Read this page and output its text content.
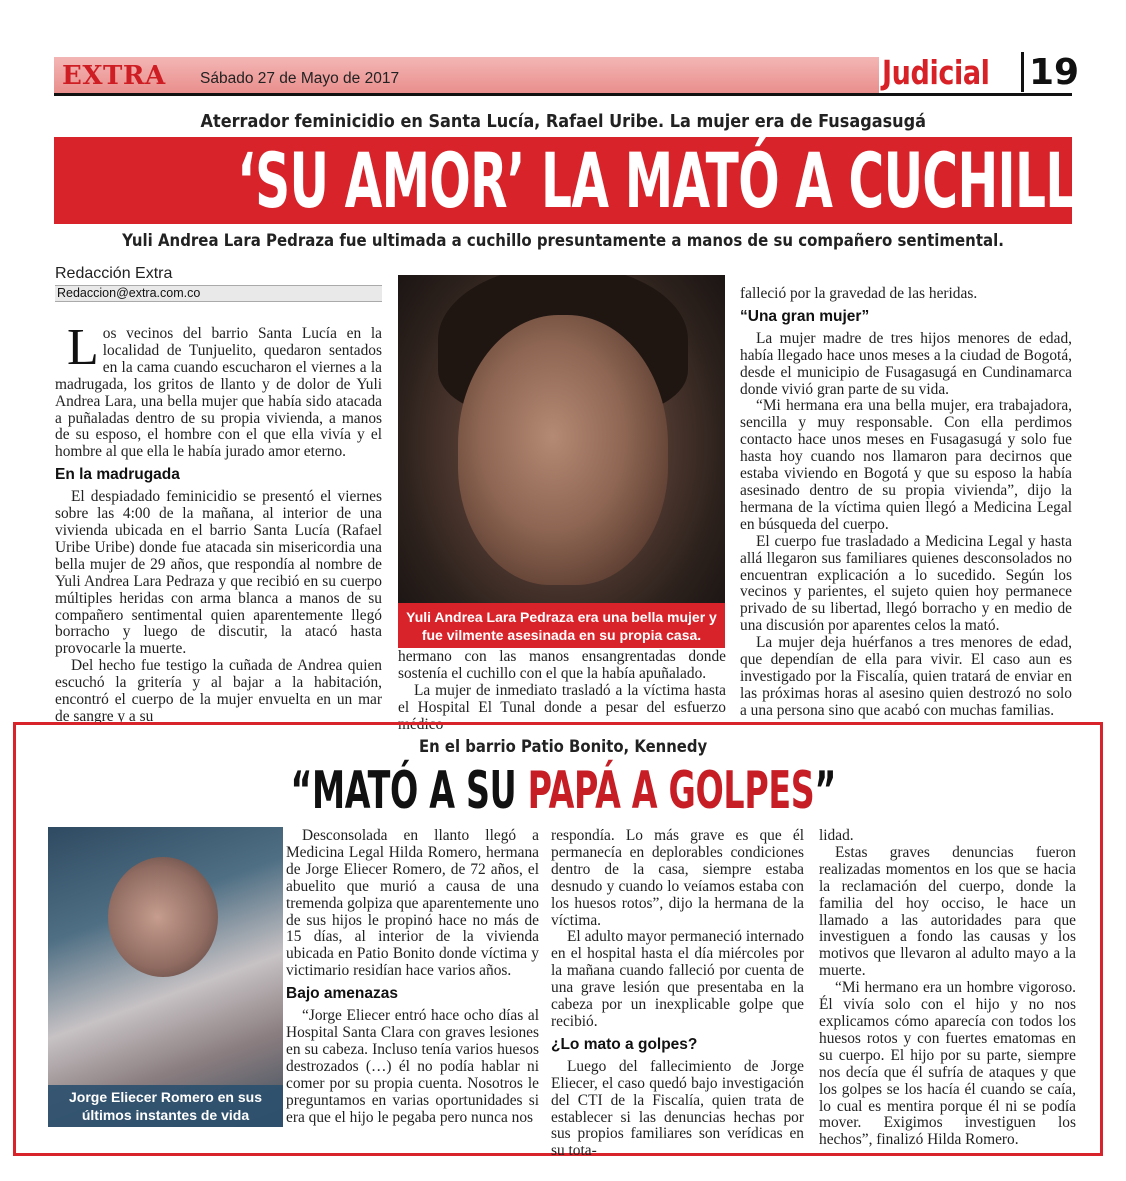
EXTRA Sábado 27 de Mayo de 2017	Judicial 19
Aterrador feminicidio en Santa Lucía, Rafael Uribe. La mujer era de Fusagasugá
‘SU AMOR’ LA MATÓ A CUCHILLO
Yuli Andrea Lara Pedraza fue ultimada a cuchillo presuntamente a manos de su compañero sentimental.
Redacción Extra
Redaccion@extra.com.co

Los vecinos del barrio Santa Lucía en la localidad de Tunjuelito, quedaron sentados en la cama cuando escucharon el viernes a la madrugada, los gritos de llanto y de dolor de Yuli Andrea Lara, una bella mujer que había sido atacada a puñaladas dentro de su propia vivienda, a manos de su esposo, el hombre con el que ella vivía y el hombre al que ella le había jurado amor eterno.

En la madrugada

El despiadado feminicidio se presentó el viernes sobre las 4:00 de la mañana, al interior de una vivienda ubicada en el barrio Santa Lucía (Rafael Uribe Uribe) donde fue atacada sin misericordia una bella mujer de 29 años, que respondía al nombre de Yuli Andrea Lara Pedraza y que recibió en su cuerpo múltiples heridas con arma blanca a manos de su compañero sentimental quien aparentemente llegó borracho y luego de discutir, la atacó hasta provocarle la muerte.

Del hecho fue testigo la cuñada de Andrea quien escuchó la gritería y al bajar a la habitación, encontró el cuerpo de la mujer envuelta en un mar de sangre y a su

Yuli Andrea Lara Pedraza era una bella mujer y fue vilmente asesinada en su propia casa.

hermano con las manos ensangrentadas donde sostenía el cuchillo con el que la había apuñalado.

La mujer de inmediato trasladó a la víctima hasta el Hospital El Tunal donde a pesar del esfuerzo médico

falleció por la gravedad de las heridas.

“Una gran mujer”

La mujer madre de tres hijos menores de edad, había llegado hace unos meses a la ciudad de Bogotá, desde el municipio de Fusagasugá en Cundinamarca donde vivió gran parte de su vida.

“Mi hermana era una bella mujer, era trabajadora, sencilla y muy responsable. Con ella perdimos contacto hace unos meses en Fusagasugá y solo fue hasta hoy cuando nos llamaron para decirnos que estaba viviendo en Bogotá y que su esposo la había asesinado dentro de su propia vivienda”, dijo la hermana de la víctima quien llegó a Medicina Legal en búsqueda del cuerpo.

El cuerpo fue trasladado a Medicina Legal y hasta allá llegaron sus familiares quienes desconsolados no encuentran explicación a lo sucedido. Según los vecinos y parientes, el sujeto quien hoy permanece privado de su libertad, llegó borracho y en medio de una discusión por aparentes celos la mató.

La mujer deja huérfanos a tres menores de edad, que dependían de ella para vivir. El caso aun es investigado por la Fiscalía, quien tratará de enviar en las próximas horas al asesino quien destrozó no solo a una persona sino que acabó con muchas familias.

En el barrio Patio Bonito, Kennedy
“MATÓ A SU PAPÁ A GOLPES”
Jorge Eliecer Romero en sus últimos instantes de vida

Desconsolada en llanto llegó a Medicina Legal Hilda Romero, hermana de Jorge Eliecer Romero, de 72 años, el abuelito que murió a causa de una tremenda golpiza que aparentemente uno de sus hijos le propinó hace no más de 15 días, al interior de la vivienda ubicada en Patio Bonito donde víctima y victimario residían hace varios años.

Bajo amenazas

“Jorge Eliecer entró hace ocho días al Hospital Santa Clara con graves lesiones en su cabeza. Incluso tenía varios huesos destrozados (…) él no podía hablar ni comer por su propia cuenta. Nosotros le preguntamos en varias oportunidades si era que el hijo le pegaba pero nunca nos

respondía. Lo más grave es que él permanecía en deplorables condiciones dentro de la casa, siempre estaba desnudo y cuando lo veíamos estaba con los huesos rotos”, dijo la hermana de la víctima.

El adulto mayor permaneció internado en el hospital hasta el día miércoles por la mañana cuando falleció por cuenta de una grave lesión que presentaba en la cabeza por un inexplicable golpe que recibió.

¿Lo mato a golpes?

Luego del fallecimiento de Jorge Eliecer, el caso quedó bajo investigación del CTI de la Fiscalía, quien trata de establecer si las denuncias hechas por sus propios familiares son verídicas en su tota-

lidad.

Estas graves denuncias fueron realizadas momentos en los que se hacia la reclamación del cuerpo, donde la familia del hoy occiso, le hace un llamado a las autoridades para que investiguen a fondo las causas y los motivos que llevaron al adulto mayo a la muerte.

“Mi hermano era un hombre vigoroso. Él vivía solo con el hijo y no nos explicamos cómo aparecía con todos los huesos rotos y con fuertes ematomas en su cuerpo. El hijo por su parte, siempre nos decía que él sufría de ataques y que los golpes se los hacía él cuando se caía, lo cual es mentira porque él ni se podía mover. Exigimos investiguen los hechos”, finalizó Hilda Romero.
